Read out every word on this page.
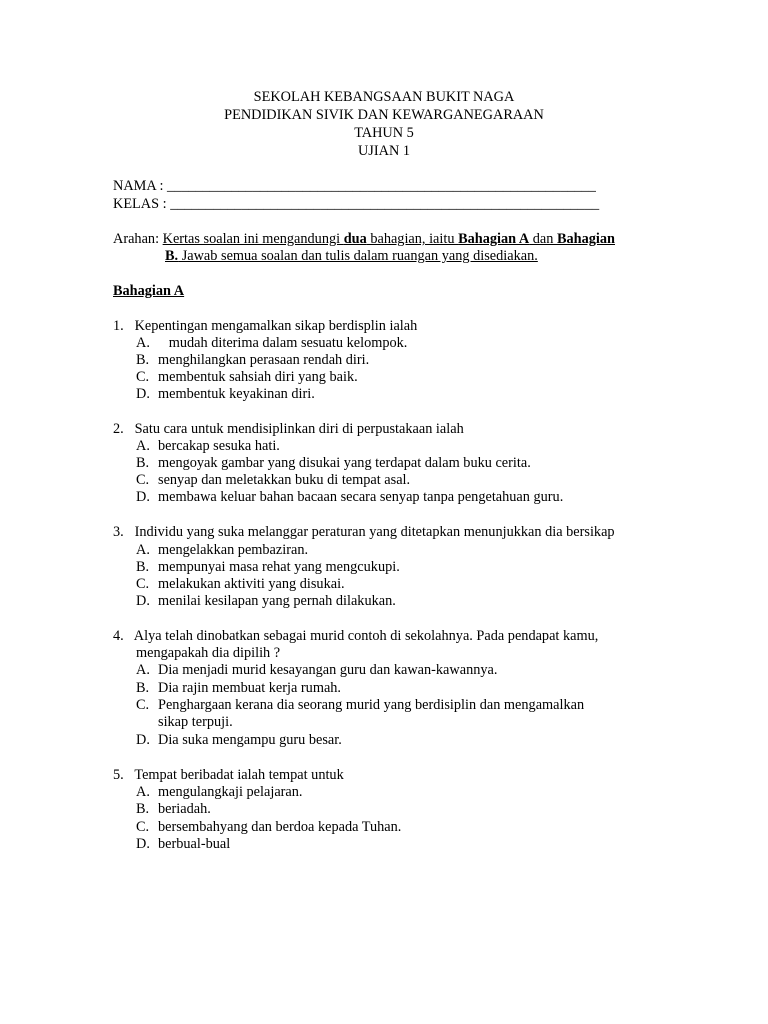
SEKOLAH KEBANGSAAN BUKIT NAGA
PENDIDIKAN SIVIK DAN KEWARGANEGARAAN
TAHUN 5
UJIAN 1
NAMA : ____________________________________________________________
KELAS : ____________________________________________________________
Arahan: Kertas soalan ini mengandungi dua bahagian, iaitu Bahagian A dan Bahagian
B. Jawab semua soalan dan tulis dalam ruangan yang disediakan.
Bahagian A
1. Kepentingan mengamalkan sikap berdisplin ialah
A. mudah diterima dalam sesuatu kelompok.
B. menghilangkan perasaan rendah diri.
C. membentuk sahsiah diri yang baik.
D. membentuk keyakinan diri.
2. Satu cara untuk mendisiplinkan diri di perpustakaan ialah
A. bercakap sesuka hati.
B. mengoyak gambar yang disukai yang terdapat dalam buku cerita.
C. senyap dan meletakkan buku di tempat asal.
D. membawa keluar bahan bacaan secara senyap tanpa pengetahuan guru.
3. Individu yang suka melanggar peraturan yang ditetapkan menunjukkan dia bersikap
A. mengelakkan pembaziran.
B. mempunyai masa rehat yang mengcukupi.
C. melakukan aktiviti yang disukai.
D. menilai kesilapan yang pernah dilakukan.
4. Alya telah dinobatkan sebagai murid contoh di sekolahnya. Pada pendapat kamu,
mengapakah dia dipilih ?
A. Dia menjadi murid kesayangan guru dan kawan-kawannya.
B. Dia rajin membuat kerja rumah.
C. Penghargaan kerana dia seorang murid yang berdisiplin dan mengamalkan
sikap terpuji.
D. Dia suka mengampu guru besar.
5. Tempat beribadat ialah tempat untuk
A. mengulangkaji pelajaran.
B. beriadah.
C. bersembahyang dan berdoa kepada Tuhan.
D. berbual-bual
